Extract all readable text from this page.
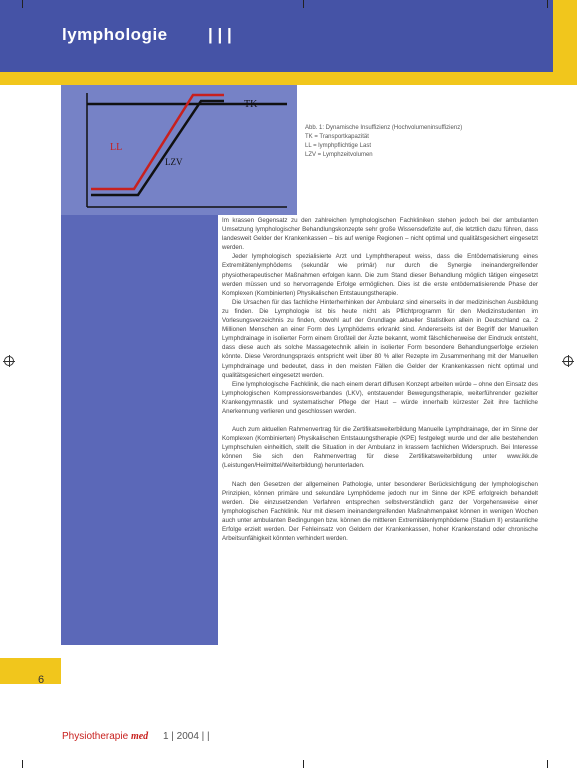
lymphologie | | |
TK
LL
LZV
Abb. 1: Dynamische Insuffizienz (Hochvolumeninsuffizienz)
TK = Transportkapazität
LL = lymphpflichtige Last
LZV = Lymphzeitvolumen

Im krassen Gegensatz zu den zahlreichen lymphologischen Fachkliniken stehen jedoch bei der ambulanten Umsetzung lymphologischer Behandlungskonzepte sehr große Wissensdefizite auf, die letztlich dazu führen, dass landesweit Gelder der Krankenkassen – bis auf wenige Regionen – nicht optimal und qualitätsgesichert eingesetzt werden.

Jeder lymphologisch spezialisierte Arzt und Lymphtherapeut weiss, dass die Entödematisierung eines Extremitätenlymphödems (sekundär wie primär) nur durch die Synergie ineinandergreifender physiotherapeutischer Maßnahmen erfolgen kann. Die zum Stand dieser Behandlung möglich tätigen eingesetzt werden müssen und so hervorragende Erfolge ermöglichen. Dies ist die erste entödematisierende Phase der Komplexen (Kombinierten) Physikalischen Entstauungstherapie.

Die Ursachen für das fachliche Hinterherhinken der Ambulanz sind einerseits in der medizinischen Ausbildung zu finden. Die Lymphologie ist bis heute nicht als Pflichtprogramm für den Medizinstudenten im Vorlesungsverzeichnis zu finden, obwohl auf der Grundlage aktueller Statistiken allein in Deutschland ca. 2 Millionen Menschen an einer Form des Lymphödems erkrankt sind. Andererseits ist der Begriff der Manuellen Lymphdrainage in isolierter Form einem Großteil der Ärzte bekannt, womit fälschlicherweise der Eindruck entsteht, dass diese auch als solche Massagetechnik allein in isolierter Form besondere Behandlungserfolge erzielen könnte. Diese Verordnungspraxis entspricht weit über 80 % aller Rezepte im Zusammenhang mit der Manuellen Lymphdrainage und bedeutet, dass in den meisten Fällen die Gelder der Krankenkassen nicht optimal und qualitätsgesichert eingesetzt werden.

Eine lymphologische Fachklinik, die nach einem derart diffusen Konzept arbeiten würde – ohne den Einsatz des Lymphologischen Kompressionsverbandes (LKV), entstauender Bewegungstherapie, weiterführender gezielter Krankengymnastik und systematischer Pflege der Haut – würde innerhalb kürzester Zeit ihre fachliche Anerkennung verlieren und geschlossen werden.

Auch zum aktuellen Rahmenvertrag für die Zertifikatsweiterbildung Manuelle Lymphdrainage, der im Sinne der Komplexen (Kombinierten) Physikalischen Entstauungstherapie (KPE) festgelegt wurde und der alle bestehenden Lymphschulen einheitlich, stellt die Situation in der Ambulanz in krassem fachlichen Widerspruch. Bei Interesse können Sie sich den Rahmenvertrag für diese Zertifikatsweiterbildung unter www.ikk.de (Leistungen/Heilmittel/Weiterbildung) herunterladen.

Nach den Gesetzen der allgemeinen Pathologie, unter besonderer Berücksichtigung der lymphologischen Prinzipien, können primäre und sekundäre Lymphödeme jedoch nur im Sinne der KPE erfolgreich behandelt werden. Die einzusetzenden Verfahren entsprechen selbstverständlich ganz der Vorgehensweise einer lymphologischen Fachklinik. Nur mit diesem ineinandergreifenden Maßnahmenpaket können in wenigen Wochen auch unter ambulanten Bedingungen bzw. können die mittleren Extremitätenlymphödeme (Stadium II) erstaunliche Erfolge erzielt werden. Der Fehleinsatz von Geldern der Krankenkassen, hoher Krankenstand oder chronische Arbeitsunfähigkeit könnten verhindert werden.

6
Physiotherapie med 1 | 2004 | |
